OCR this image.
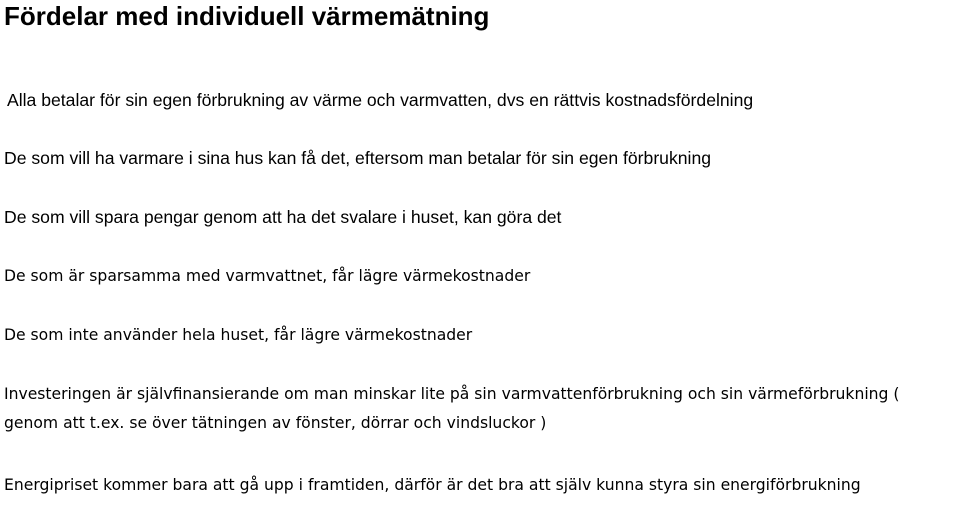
Fördelar med individuell värmemätning

Alla betalar för sin egen förbrukning av värme och varmvatten, dvs en rättvis kostnadsfördelning

De som vill ha varmare i sina hus kan få det, eftersom man betalar för sin egen förbrukning

De som vill spara pengar genom att ha det svalare i huset, kan göra det

De som är sparsamma med varmvattnet, får lägre värmekostnader

De som inte använder hela huset, får lägre värmekostnader

Investeringen är självfinansierande om man minskar lite på sin varmvattenförbrukning och sin värmeförbrukning ( genom att t.ex. se över tätningen av fönster, dörrar och vindsluckor )

Energipriset kommer bara att gå upp i framtiden, därför är det bra att själv kunna styra sin energiförbrukning
